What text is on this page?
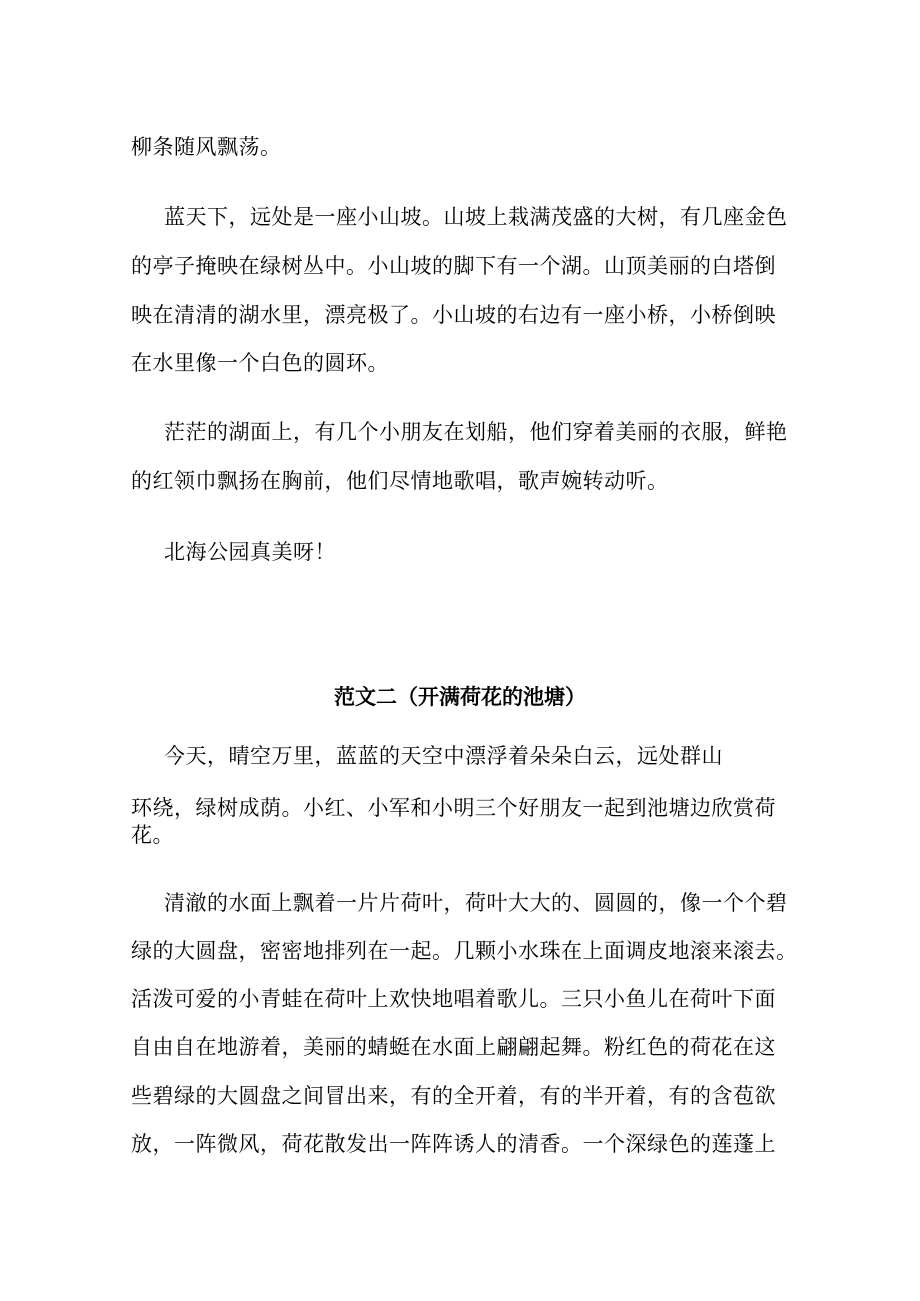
柳条随风飘荡。
蓝天下，远处是一座小山坡。山坡上栽满茂盛的大树，有几座金色
的亭子掩映在绿树丛中。小山坡的脚下有一个湖。山顶美丽的白塔倒
映在清清的湖水里，漂亮极了。小山坡的右边有一座小桥，小桥倒映
在水里像一个白色的圆环。
茫茫的湖面上，有几个小朋友在划船，他们穿着美丽的衣服，鲜艳
的红领巾飘扬在胸前，他们尽情地歌唱，歌声婉转动听。
北海公园真美呀！
范文二（开满荷花的池塘）
今天，晴空万里，蓝蓝的天空中漂浮着朵朵白云，远处群山
环绕，绿树成荫。小红、小军和小明三个好朋友一起到池塘边欣赏荷
花。
清澈的水面上飘着一片片荷叶，荷叶大大的、圆圆的，像一个个碧
绿的大圆盘，密密地排列在一起。几颗小水珠在上面调皮地滚来滚去。
活泼可爱的小青蛙在荷叶上欢快地唱着歌儿。三只小鱼儿在荷叶下面
自由自在地游着，美丽的蜻蜓在水面上翩翩起舞。粉红色的荷花在这
些碧绿的大圆盘之间冒出来，有的全开着，有的半开着，有的含苞欲
放，一阵微风，荷花散发出一阵阵诱人的清香。一个深绿色的莲蓬上
